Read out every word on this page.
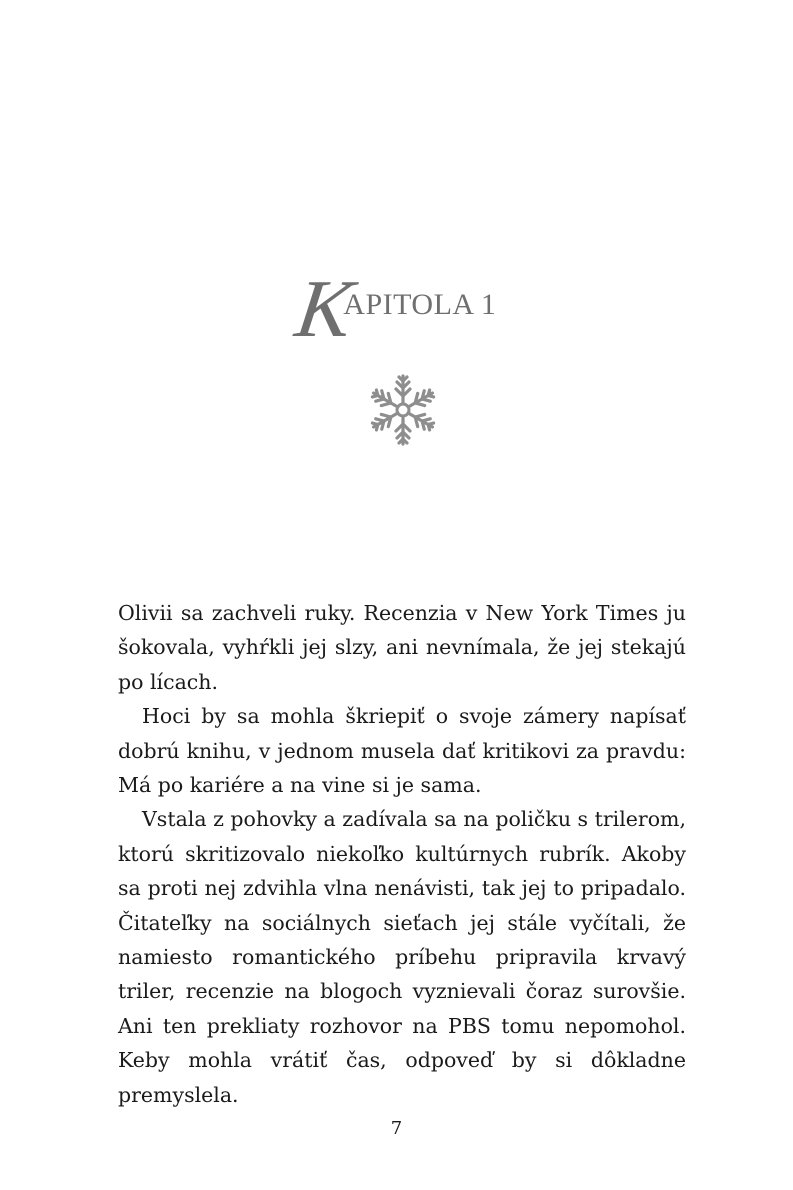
KAPITOLA 1

Olivii sa zachveli ruky. Recenzia v New York Times ju šokovala, vyhŕkli jej slzy, ani nevnímala, že jej stekajú po lícach.

Hoci by sa mohla škriepiť o svoje zámery napísať dobrú knihu, v jednom musela dať kritikovi za pravdu: Má po kariére a na vine si je sama.

Vstala z pohovky a zadívala sa na poličku s trilerom, ktorú skritizovalo niekoľko kultúrnych rubrík. Akoby sa proti nej zdvihla vlna nenávisti, tak jej to pripadalo. Čitateľky na sociálnych sieťach jej stále vyčítali, že namiesto romantického príbehu pripravila krvavý triler, recenzie na blogoch vyznievali čoraz surovšie. Ani ten prekliaty rozhovor na PBS tomu nepomohol. Keby mohla vrátiť čas, odpoveď by si dôkladne premyslela.

7
